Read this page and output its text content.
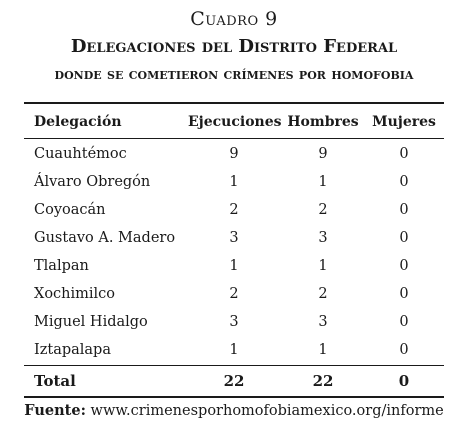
Cuadro 9
Delegaciones del Distrito Federal
donde se cometieron crímenes por homofobia
Delegación	Ejecuciones Hombres Mujeres
Cuauhtémoc	9	9	0
Álvaro Obregón	1	1	0
Coyoacán	2	2	0
Gustavo A. Madero	3	3	0
Tlalpan	1	1	0
Xochimilco	2	2	0
Miguel Hidalgo	3	3	0
Iztapalapa	1	1	0
Total	22	22	0
Fuente: www.crimenesporhomofobiamexico.org/informe
